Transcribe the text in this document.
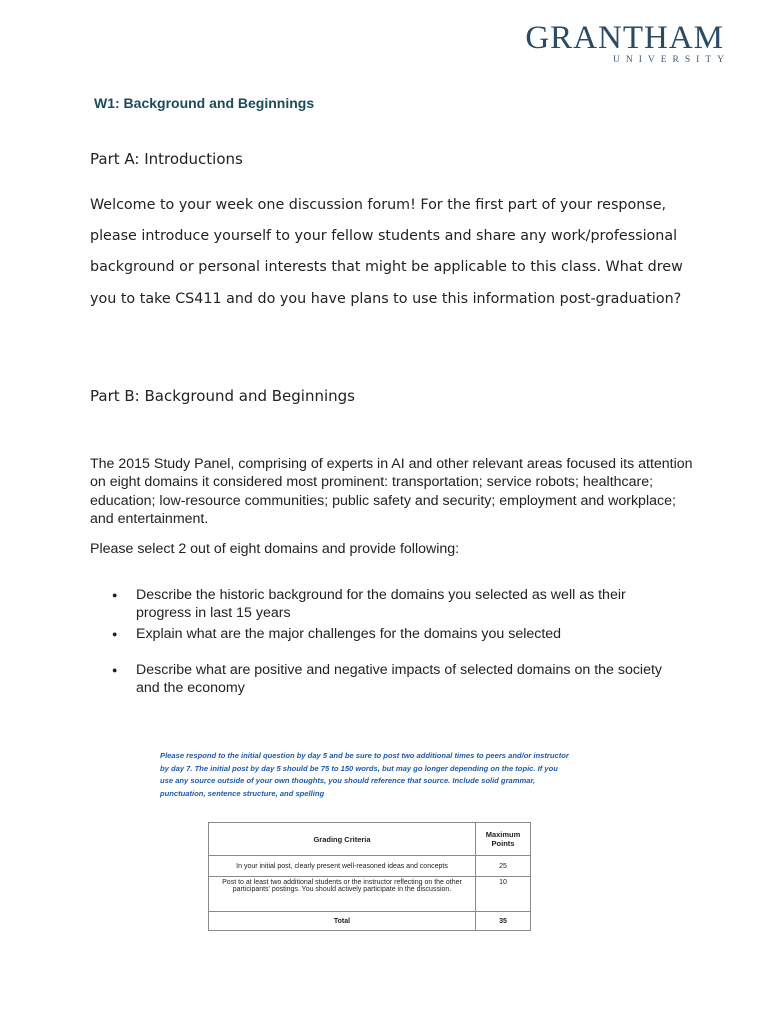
GRANTHAM
UNIVERSITY
W1: Background and Beginnings
Part A: Introductions

Welcome to your week one discussion forum! For the first part of your response, please introduce yourself to your fellow students and share any work/professional background or personal interests that might be applicable to this class. What drew you to take CS411 and do you have plans to use this information post-graduation?

Part B: Background and Beginnings

The 2015 Study Panel, comprising of experts in AI and other relevant areas focused its attention on eight domains it considered most prominent: transportation; service robots; healthcare; education; low-resource communities; public safety and security; employment and workplace; and entertainment.

Please select 2 out of eight domains and provide following:

● Describe the historic background for the domains you selected as well as their progress in last 15 years
● Explain what are the major challenges for the domains you selected
● Describe what are positive and negative impacts of selected domains on the society and the economy

Please respond to the initial question by day 5 and be sure to post two additional times to peers and/or instructor by day 7. The initial post by day 5 should be 75 to 150 words, but may go longer depending on the topic. If you use any source outside of your own thoughts, you should reference that source. Include solid grammar, punctuation, sentence structure, and spelling

Grading Criteria	Maximum Points
In your initial post, clearly present well-reasoned ideas and concepts	25
Post to at least two additional students or the instructor reflecting on the other participants' postings. You should actively participate in the discussion.	10
Total	35
